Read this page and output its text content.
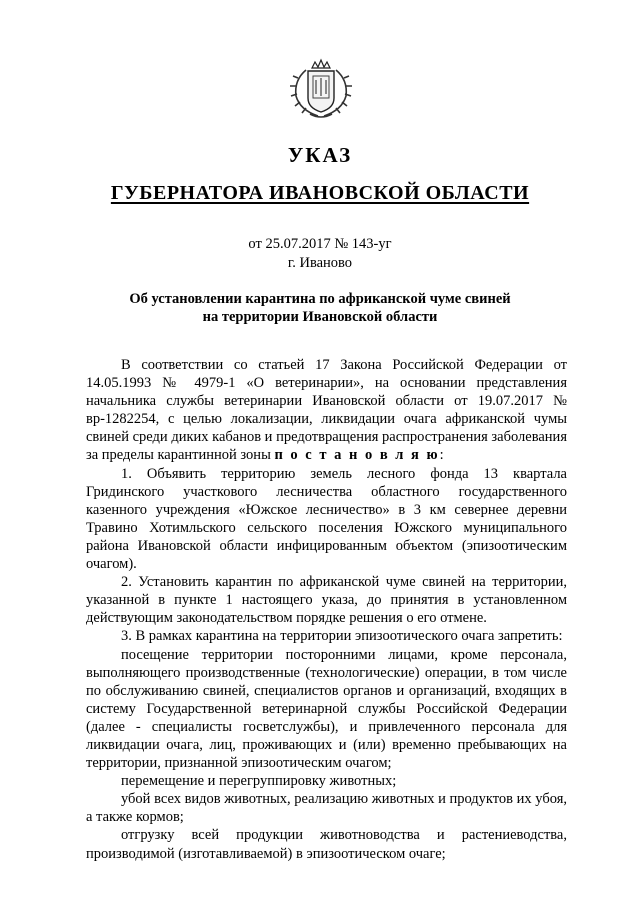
УКАЗ
ГУБЕРНАТОРА ИВАНОВСКОЙ ОБЛАСТИ
от 25.07.2017 № 143-уг
г. Иваново
Об установлении карантина по африканской чуме свиней
на территории Ивановской области

В соответствии со статьей 17 Закона Российской Федерации от 14.05.1993 № 4979-1 «О ветеринарии», на основании представления начальника службы ветеринарии Ивановской области от 19.07.2017 № вр-1282254, с целью локализации, ликвидации очага африканской чумы свиней среди диких кабанов и предотвращения распространения заболевания за пределы карантинной зоны п о с т а н о в л я ю:

1. Объявить территорию земель лесного фонда 13 квартала Гридинского участкового лесничества областного государственного казенного учреждения «Южское лесничество» в 3 км севернее деревни Травино Хотимльского сельского поселения Южского муниципального района Ивановской области инфицированным объектом (эпизоотическим очагом).

2. Установить карантин по африканской чуме свиней на территории, указанной в пункте 1 настоящего указа, до принятия в установленном действующим законодательством порядке решения о его отмене.

3. В рамках карантина на территории эпизоотического очага запретить:

посещение территории посторонними лицами, кроме персонала, выполняющего производственные (технологические) операции, в том числе по обслуживанию свиней, специалистов органов и организаций, входящих в систему Государственной ветеринарной службы Российской Федерации (далее - специалисты госветслужбы), и привлеченного персонала для ликвидации очага, лиц, проживающих и (или) временно пребывающих на территории, признанной эпизоотическим очагом;

перемещение и перегруппировку животных;

убой всех видов животных, реализацию животных и продуктов их убоя, а также кормов;

отгрузку всей продукции животноводства и растениеводства, производимой (изготавливаемой) в эпизоотическом очаге;
